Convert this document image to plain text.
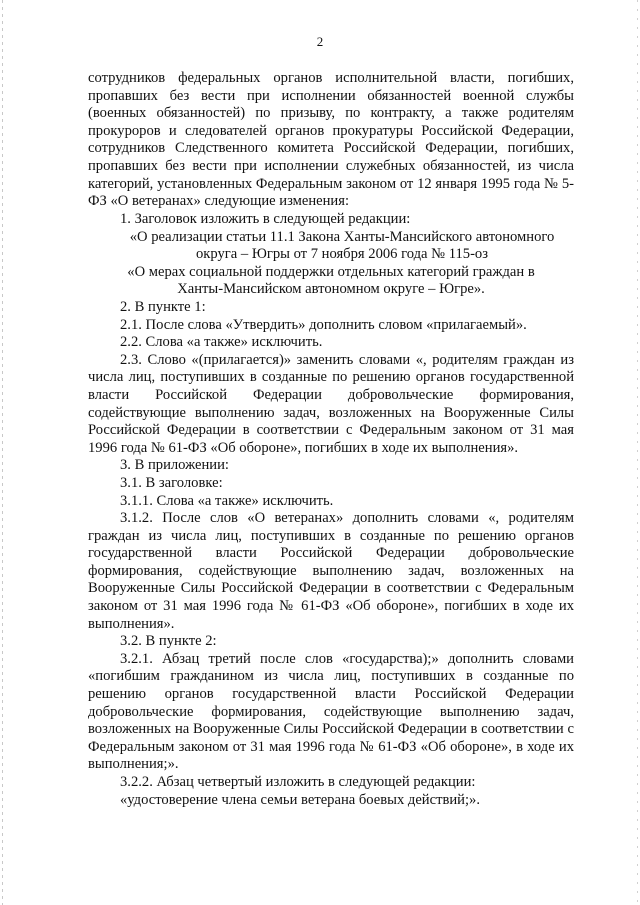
2

сотрудников федеральных органов исполнительной власти, погибших, пропавших без вести при исполнении обязанностей военной службы (военных обязанностей) по призыву, по контракту, а также родителям прокуроров и следователей органов прокуратуры Российской Федерации, сотрудников Следственного комитета Российской Федерации, погибших, пропавших без вести при исполнении служебных обязанностей, из числа категорий, установленных Федеральным законом от 12 января 1995 года № 5-ФЗ «О ветеранах» следующие изменения:

1. Заголовок изложить в следующей редакции:

«О реализации статьи 11.1 Закона Ханты-Мансийского автономного округа – Югры от 7 ноября 2006 года № 115-оз

«О мерах социальной поддержки отдельных категорий граждан в Ханты-Мансийском автономном округе – Югре».

2. В пункте 1:

2.1. После слова «Утвердить» дополнить словом «прилагаемый».

2.2. Слова «а также» исключить.

2.3. Слово «(прилагается)» заменить словами «, родителям граждан из числа лиц, поступивших в созданные по решению органов государственной власти Российской Федерации добровольческие формирования, содействующие выполнению задач, возложенных на Вооруженные Силы Российской Федерации в соответствии с Федеральным законом от 31 мая 1996 года № 61-ФЗ «Об обороне», погибших в ходе их выполнения».

3. В приложении:

3.1. В заголовке:

3.1.1. Слова «а также» исключить.

3.1.2. После слов «О ветеранах» дополнить словами «, родителям граждан из числа лиц, поступивших в созданные по решению органов государственной власти Российской Федерации добровольческие формирования, содействующие выполнению задач, возложенных на Вооруженные Силы Российской Федерации в соответствии с Федеральным законом от 31 мая 1996 года № 61-ФЗ «Об обороне», погибших в ходе их выполнения».

3.2. В пункте 2:

3.2.1. Абзац третий после слов «государства);» дополнить словами «погибшим гражданином из числа лиц, поступивших в созданные по решению органов государственной власти Российской Федерации добровольческие формирования, содействующие выполнению задач, возложенных на Вооруженные Силы Российской Федерации в соответствии с Федеральным законом от 31 мая 1996 года № 61-ФЗ «Об обороне», в ходе их выполнения;».

3.2.2. Абзац четвертый изложить в следующей редакции:

«удостоверение члена семьи ветерана боевых действий;».
